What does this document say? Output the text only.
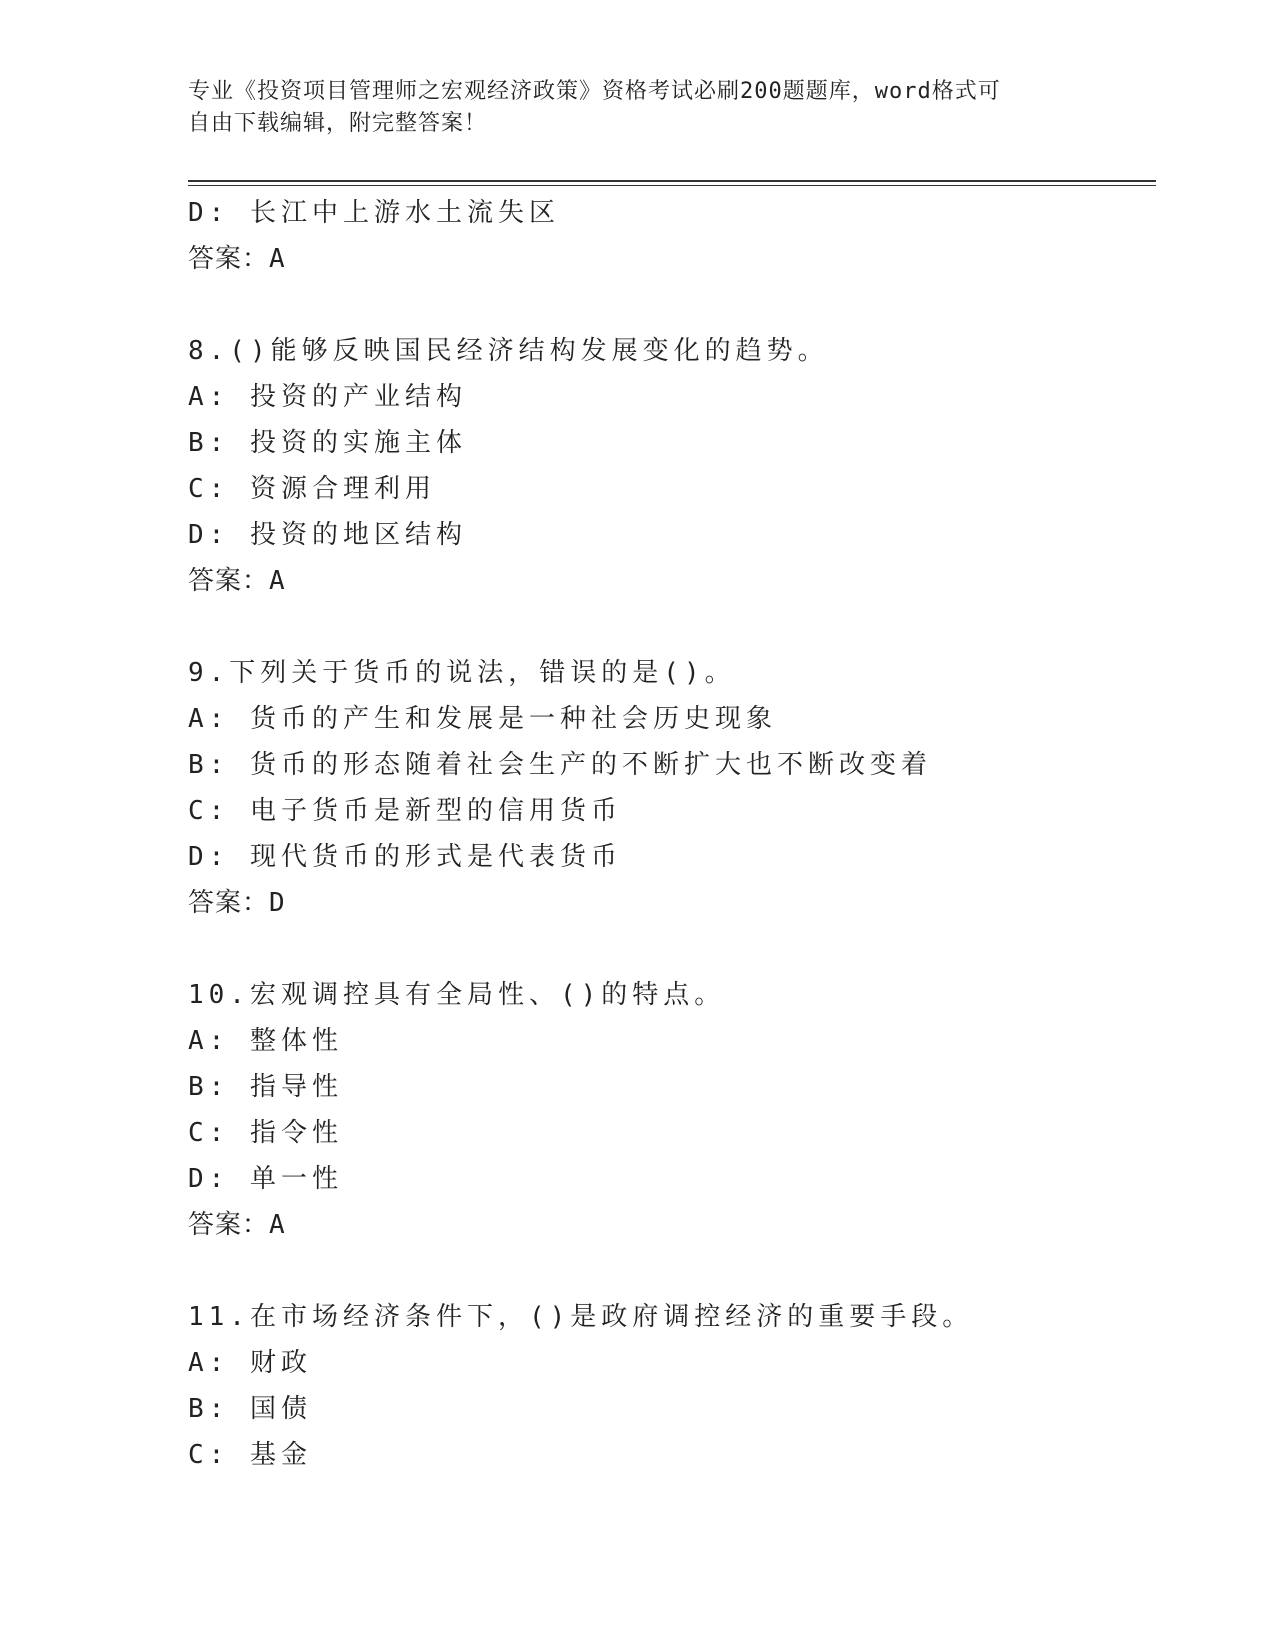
专业《投资项目管理师之宏观经济政策》资格考试必刷200题题库，word格式可
自由下载编辑，附完整答案！
D: 长江中上游水土流失区
答案：A
8.()能够反映国民经济结构发展变化的趋势。
A: 投资的产业结构
B: 投资的实施主体
C: 资源合理利用
D: 投资的地区结构
答案：A
9.下列关于货币的说法，错误的是()。
A: 货币的产生和发展是一种社会历史现象
B: 货币的形态随着社会生产的不断扩大也不断改变着
C: 电子货币是新型的信用货币
D: 现代货币的形式是代表货币
答案：D
10.宏观调控具有全局性、()的特点。
A: 整体性
B: 指导性
C: 指令性
D: 单一性
答案：A
11.在市场经济条件下，()是政府调控经济的重要手段。
A: 财政
B: 国债
C: 基金
